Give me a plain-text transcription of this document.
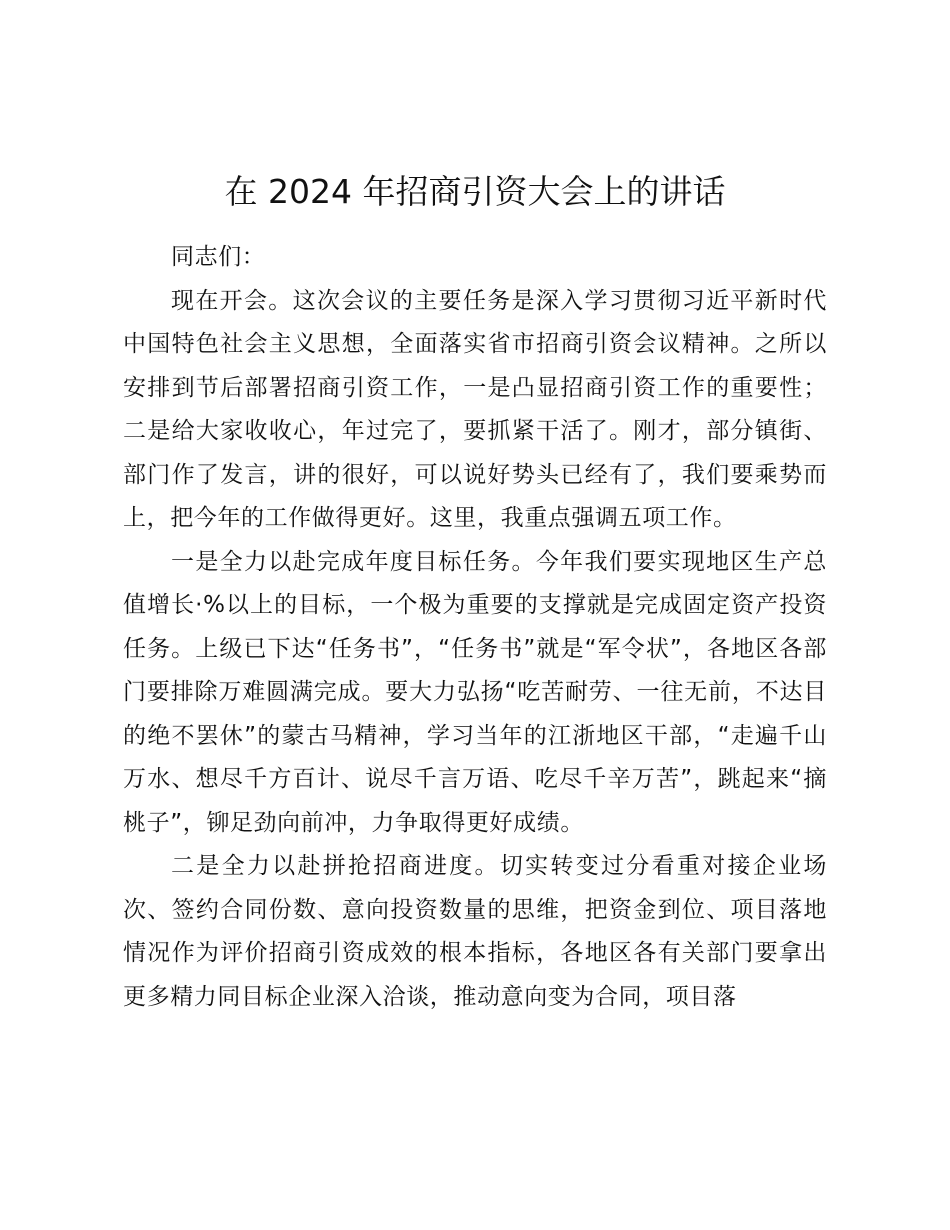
在 2024 年招商引资大会上的讲话

同志们：

现在开会。这次会议的主要任务是深入学习贯彻习近平新时代中国特色社会主义思想，全面落实省市招商引资会议精神。之所以安排到节后部署招商引资工作，一是凸显招商引资工作的重要性；二是给大家收收心，年过完了，要抓紧干活了。刚才，部分镇街、部门作了发言，讲的很好，可以说好势头已经有了，我们要乘势而上，把今年的工作做得更好。这里，我重点强调五项工作。

一是全力以赴完成年度目标任务。今年我们要实现地区生产总值增长·%以上的目标，一个极为重要的支撑就是完成固定资产投资任务。上级已下达“任务书”，“任务书”就是“军令状”，各地区各部门要排除万难圆满完成。要大力弘扬“吃苦耐劳、一往无前，不达目的绝不罢休”的蒙古马精神，学习当年的江浙地区干部，“走遍千山万水、想尽千方百计、说尽千言万语、吃尽千辛万苦”，跳起来“摘桃子”，铆足劲向前冲，力争取得更好成绩。

二是全力以赴拼抢招商进度。切实转变过分看重对接企业场次、签约合同份数、意向投资数量的思维，把资金到位、项目落地情况作为评价招商引资成效的根本指标，各地区各有关部门要拿出更多精力同目标企业深入洽谈，推动意向变为合同，项目落
